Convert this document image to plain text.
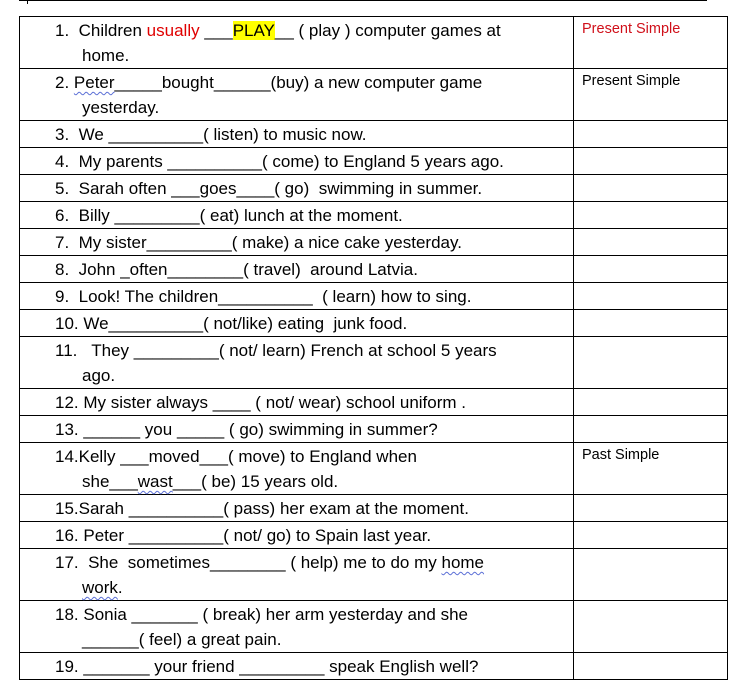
1.  Children usually ___PLAY__ ( play ) computer games at
home.	Present Simple

2. Peter_____bought______(buy) a new computer game
yesterday.	Present Simple

3.  We __________( listen) to music now.	

4.  My parents __________( come) to England 5 years ago.	

5.  Sarah often ___goes____( go)  swimming in summer.	

6.  Billy _________( eat) lunch at the moment.	

7.  My sister_________( make) a nice cake yesterday.	

8.  John _often________( travel)  around Latvia.	

9.  Look! The children__________  ( learn) how to sing.	

10. We__________( not/like) eating  junk food.	

11.   They _________( not/ learn) French at school 5 years
ago.	

12. My sister always ____ ( not/ wear) school uniform .	

13. ______ you _____ ( go) swimming in summer?	

14.Kelly ___moved___( move) to England when
she___wast___( be) 15 years old.	Past Simple

15.Sarah __________( pass) her exam at the moment.	

16. Peter __________( not/ go) to Spain last year.	

17.  She  sometimes________ ( help) me to do my home
work.	

18. Sonia _______ ( break) her arm yesterday and she
______( feel) a great pain.	

19. _______ your friend _________ speak English well?	
